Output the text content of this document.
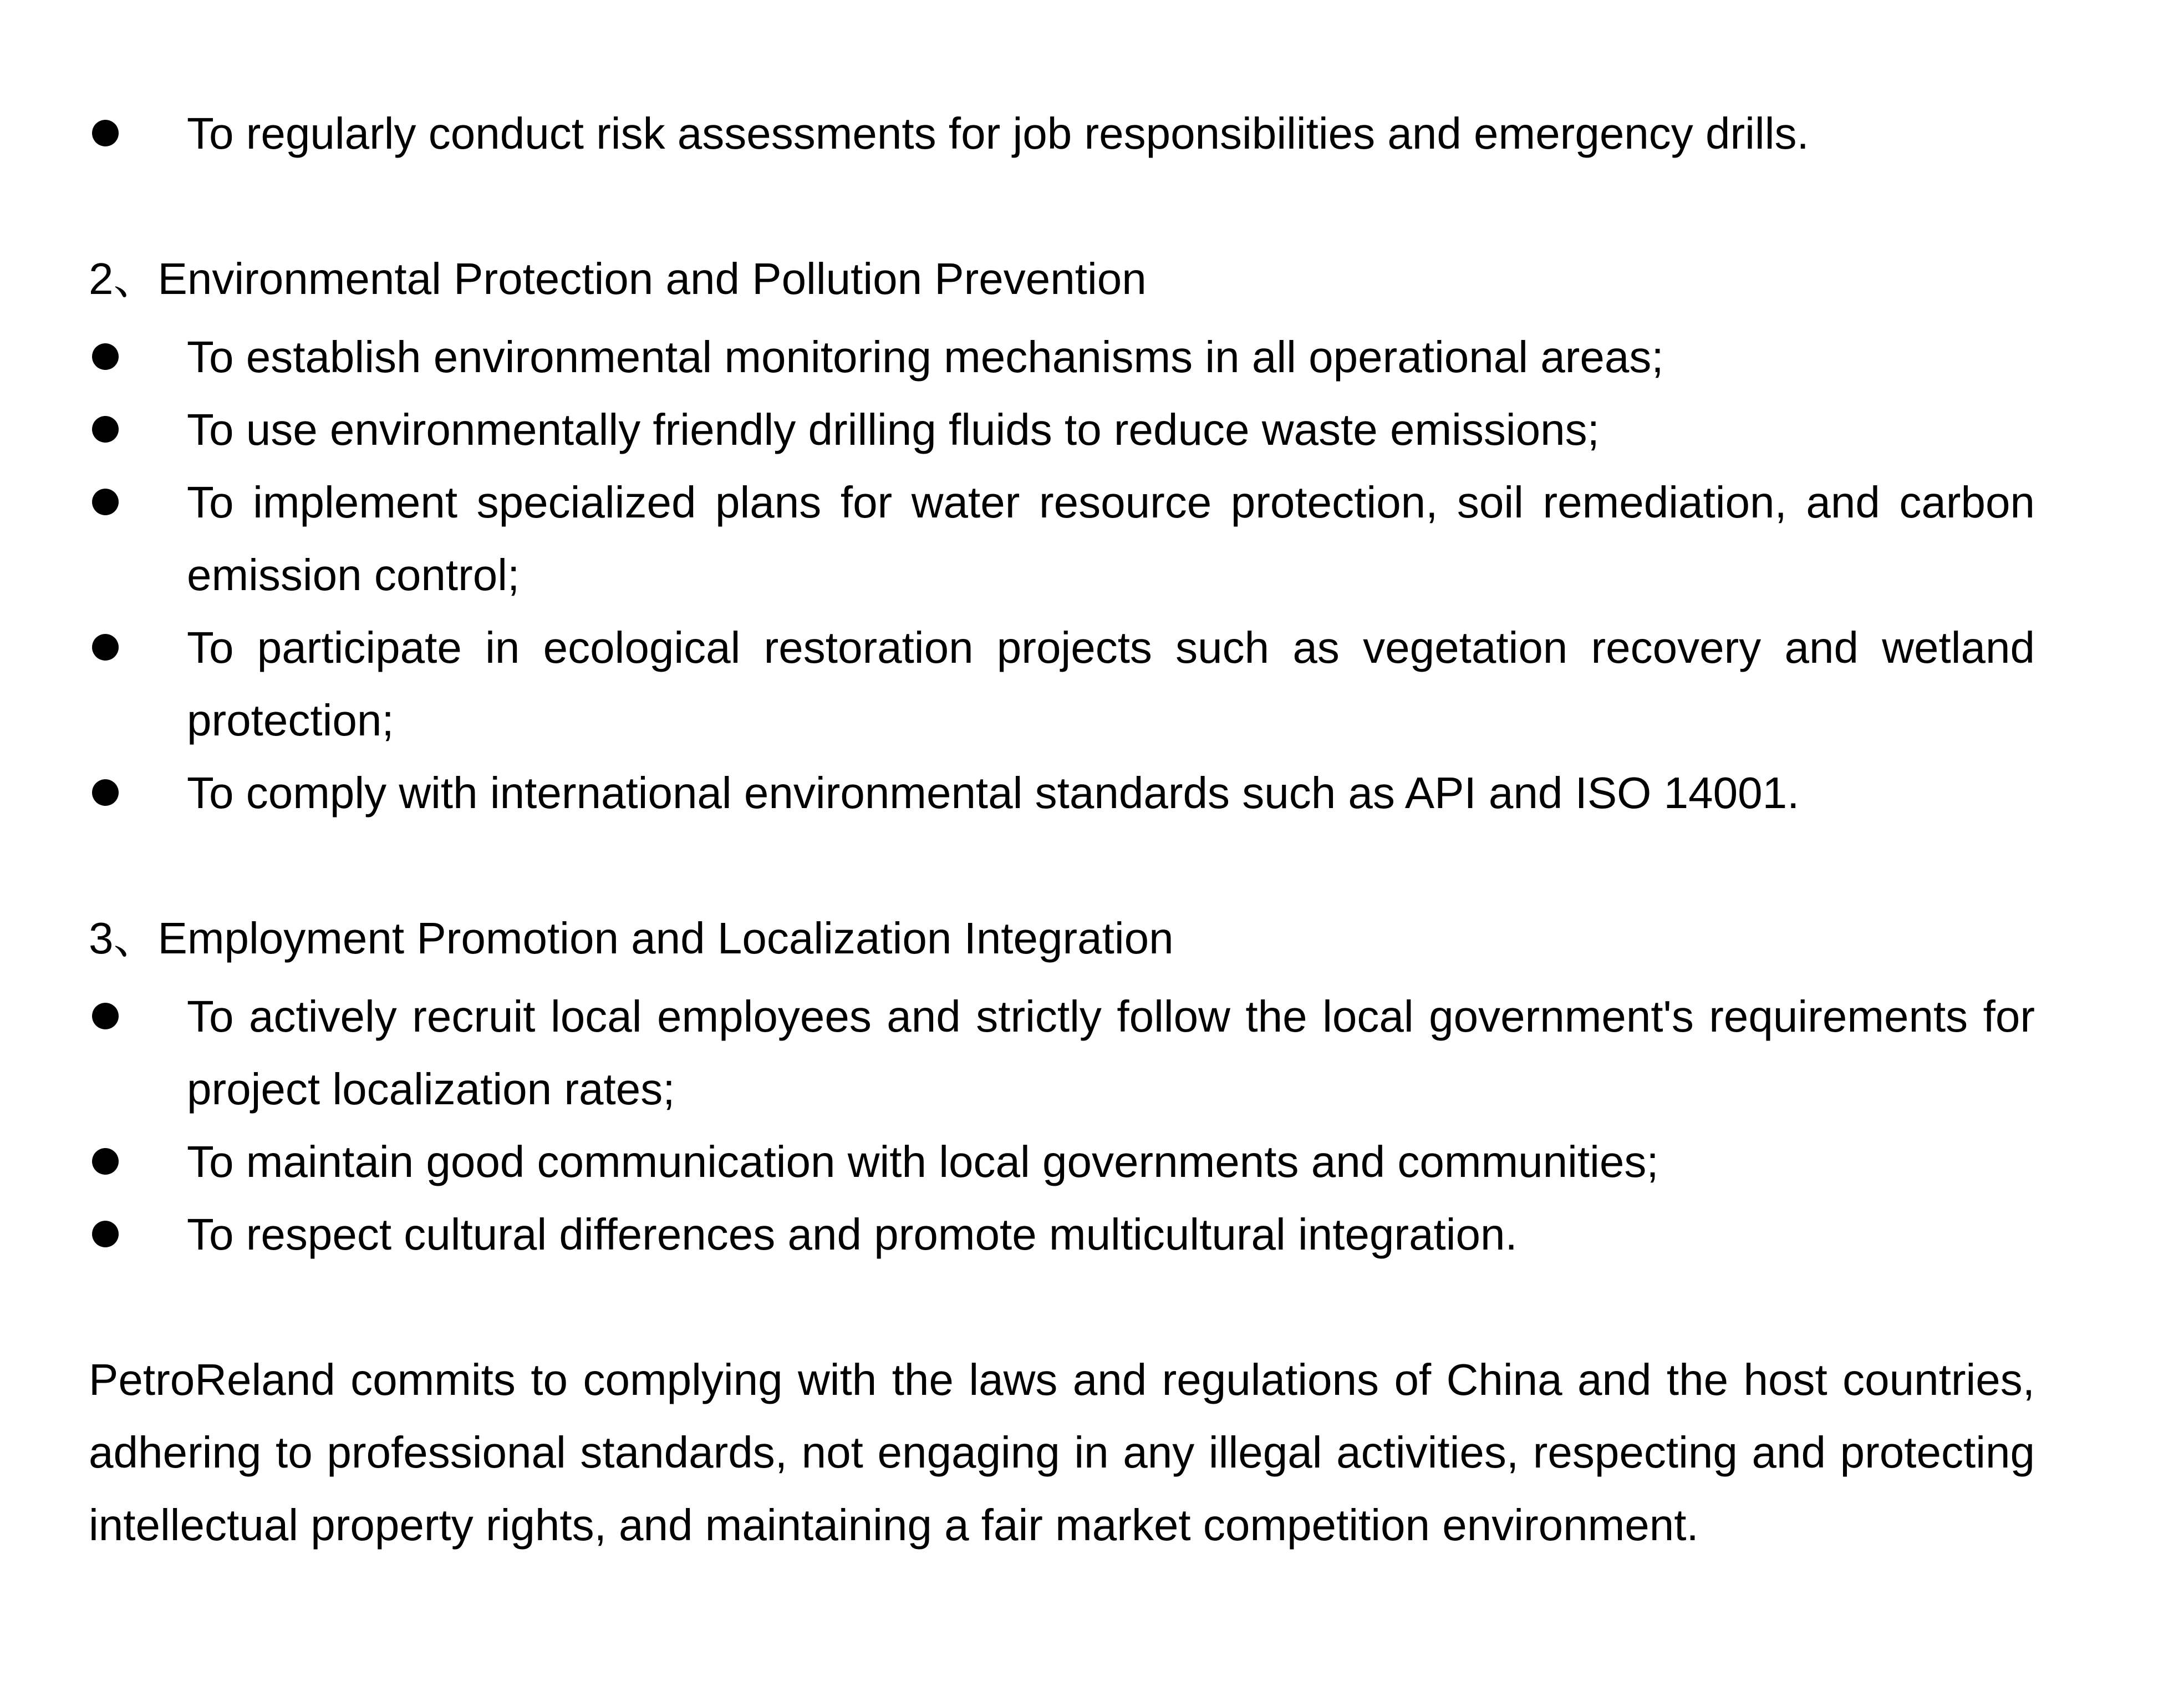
To regularly conduct risk assessments for job responsibilities and emergency drills.
2、Environmental Protection and Pollution Prevention
To establish environmental monitoring mechanisms in all operational areas;
To use environmentally friendly drilling fluids to reduce waste emissions;
To implement specialized plans for water resource protection, soil remediation, and carbon emission control;
To participate in ecological restoration projects such as vegetation recovery and wetland protection;
To comply with international environmental standards such as API and ISO 14001.
3、Employment Promotion and Localization Integration
To actively recruit local employees and strictly follow the local government's requirements for project localization rates;
To maintain good communication with local governments and communities;
To respect cultural differences and promote multicultural integration.
PetroReland commits to complying with the laws and regulations of China and the host countries, adhering to professional standards, not engaging in any illegal activities, respecting and protecting intellectual property rights, and maintaining a fair market competition environment.
